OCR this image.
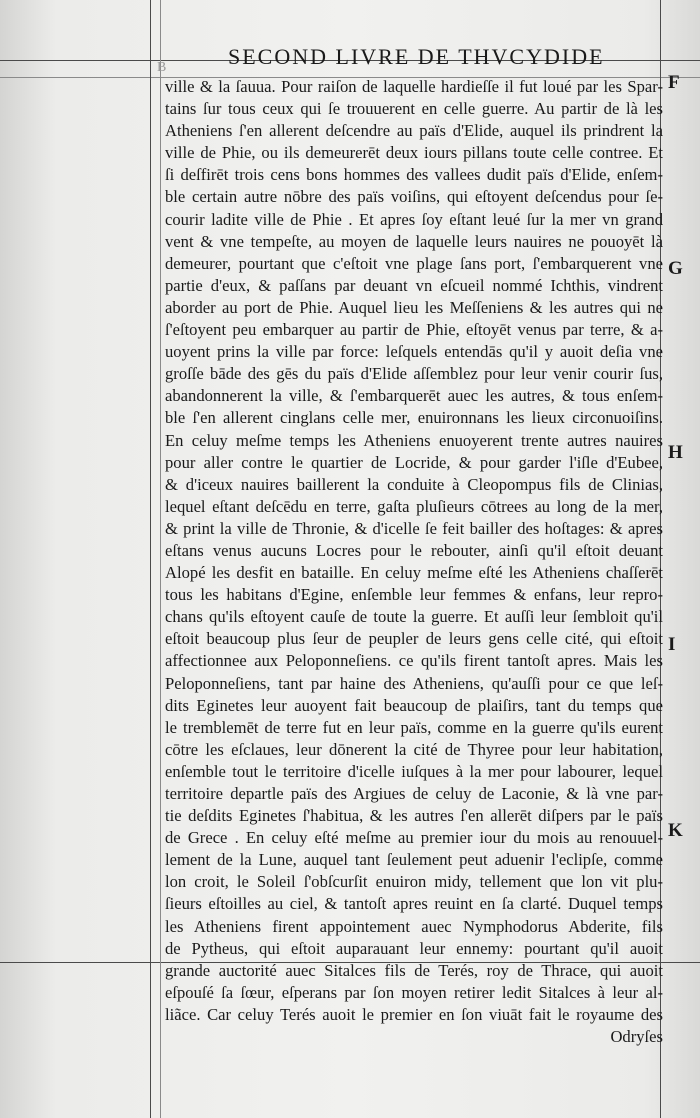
B	SECOND LIVRE DE THVCYDIDE
ville & la ſauua. Pour raiſon de laquelle hardieſſe il fut loué par les Spar-
tains ſur tous ceux qui ſe trouuerent en celle guerre. Au partir de là les
Atheniens ſ'en allerent deſcendre au païs d'Elide, auquel ils prindrent la
ville de Phie, ou ils demeurerēt deux iours pillans toute celle contree. Et
ſi deſfirēt trois cens bons hommes des vallees dudit païs d'Elide, enſem-
ble certain autre nōbre des païs voiſins, qui eſtoyent deſcendus pour ſe-
courir ladite ville de Phie . Et apres ſoy eſtant leué ſur la mer vn grand
vent & vne tempeſte, au moyen de laquelle leurs nauires ne pouoyēt là
demeurer, pourtant que c'eſtoit vne plage ſans port, ſ'embarquerent vne
partie d'eux, & paſſans par deuant vn eſcueil nommé Ichthis, vindrent
aborder au port de Phie. Auquel lieu les Meſſeniens & les autres qui ne
ſ'eſtoyent peu embarquer au partir de Phie, eſtoyēt venus par terre, & a-
uoyent prins la ville par force: leſquels entendās qu'il y auoit deſia vne
groſſe bāde des gēs du païs d'Elide aſſemblez pour leur venir courir ſus,
abandonnerent la ville, & ſ'embarquerēt auec les autres, & tous enſem-
ble ſ'en allerent cinglans celle mer, enuironnans les lieux circonuoiſins.
En celuy meſme temps les Atheniens enuoyerent trente autres nauires
pour aller contre le quartier de Locride, & pour garder l'iſle d'Eubee,
& d'iceux nauires baillerent la conduite à Cleopompus fils de Clinias,
lequel eſtant deſcēdu en terre, gaſta pluſieurs cōtrees au long de la mer,
& print la ville de Thronie, & d'icelle ſe feit bailler des hoſtages: & apres
eſtans venus aucuns Locres pour le rebouter, ainſi qu'il eſtoit deuant
Alopé les desfit en bataille. En celuy meſme eſté les Atheniens chaſſerēt
tous les habitans d'Egine, enſemble leur femmes & enfans, leur repro-
chans qu'ils eſtoyent cauſe de toute la guerre. Et auſſi leur ſembloit qu'il
eſtoit beaucoup plus ſeur de peupler de leurs gens celle cité, qui eſtoit
affectionnee aux Peloponneſiens. ce qu'ils firent tantoſt apres. Mais les
Peloponneſiens, tant par haine des Atheniens, qu'auſſi pour ce que leſ-
dits Eginetes leur auoyent fait beaucoup de plaiſirs, tant du temps que
le tremblemēt de terre fut en leur païs, comme en la guerre qu'ils eurent
cōtre les eſclaues, leur dōnerent la cité de Thyree pour leur habitation,
enſemble tout le territoire d'icelle iuſques à la mer pour labourer, lequel
territoire departle païs des Argiues de celuy de Laconie, & là vne par-
tie deſdits Eginetes ſ'habitua, & les autres ſ'en allerēt diſpers par le païs
de Grece . En celuy eſté meſme au premier iour du mois au renouuel-
lement de la Lune, auquel tant ſeulement peut aduenir l'eclipſe, comme
lon croit, le Soleil ſ'obſcurſit enuiron midy, tellement que lon vit plu-
ſieurs eſtoilles au ciel, & tantoſt apres reuint en ſa clarté. Duquel temps
les Atheniens firent appointement auec Nymphodorus Abderite, fils
de Pytheus, qui eſtoit auparauant leur ennemy: pourtant qu'il auoit
grande auctorité auec Sitalces fils de Terés, roy de Thrace, qui auoit
eſpouſé ſa ſœur, eſperans par ſon moyen retirer ledit Sitalces à leur al-
liãce. Car celuy Terés auoit le premier en ſon viuāt fait le royaume des
Odryſes
F
G
H
I
K
